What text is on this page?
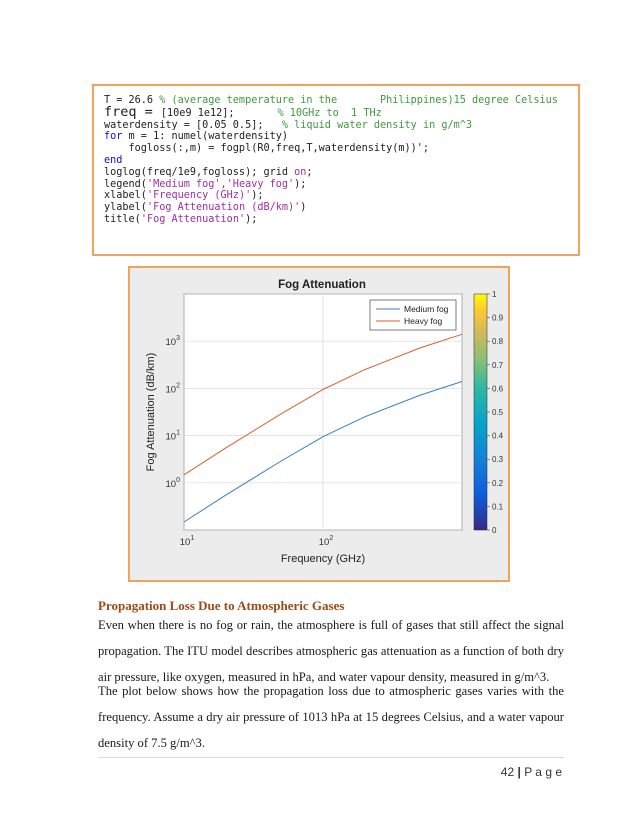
T = 26.6 % (average temperature in the       Philippines)15 degree Celsius
freq = [10e9 1e12];	% 10GHz to  1 THz
waterdensity = [0.05 0.5]; % liquid water density in g/m^3
for m = 1: numel(waterdensity)
fogloss(:,m) = fogpl(R0,freq,T,waterdensity(m))';
end
loglog(freq/1e9,fogloss); grid on;
legend('Medium fog','Heavy fog');
xlabel('Frequency (GHz)');
ylabel('Fog Attenuation (dB/km)')
title('Fog Attenuation');
Fog Attenuation
$10^1$	$10^2$
$10^0$
$10^1$
$10^2$
$10^3$
Frequency (GHz)
Fog Attenuation (dB/km)
Medium fog
Heavy fog
1
0.9
0.8
0.7
0.6
0.5
0.4
0.3
0.2
0.1
0
Propagation Loss Due to Atmospheric Gases
Even when there is no fog or rain, the atmosphere is full of gases that still affect the signal propagation. The ITU model describes atmospheric gas attenuation as a function of both dry air pressure, like oxygen, measured in hPa, and water vapour density, measured in g/m^3.
The plot below shows how the propagation loss due to atmospheric gases varies with the frequency. Assume a dry air pressure of 1013 hPa at 15 degrees Celsius, and a water vapour density of 7.5 g/m^3.
42 | P a g e
